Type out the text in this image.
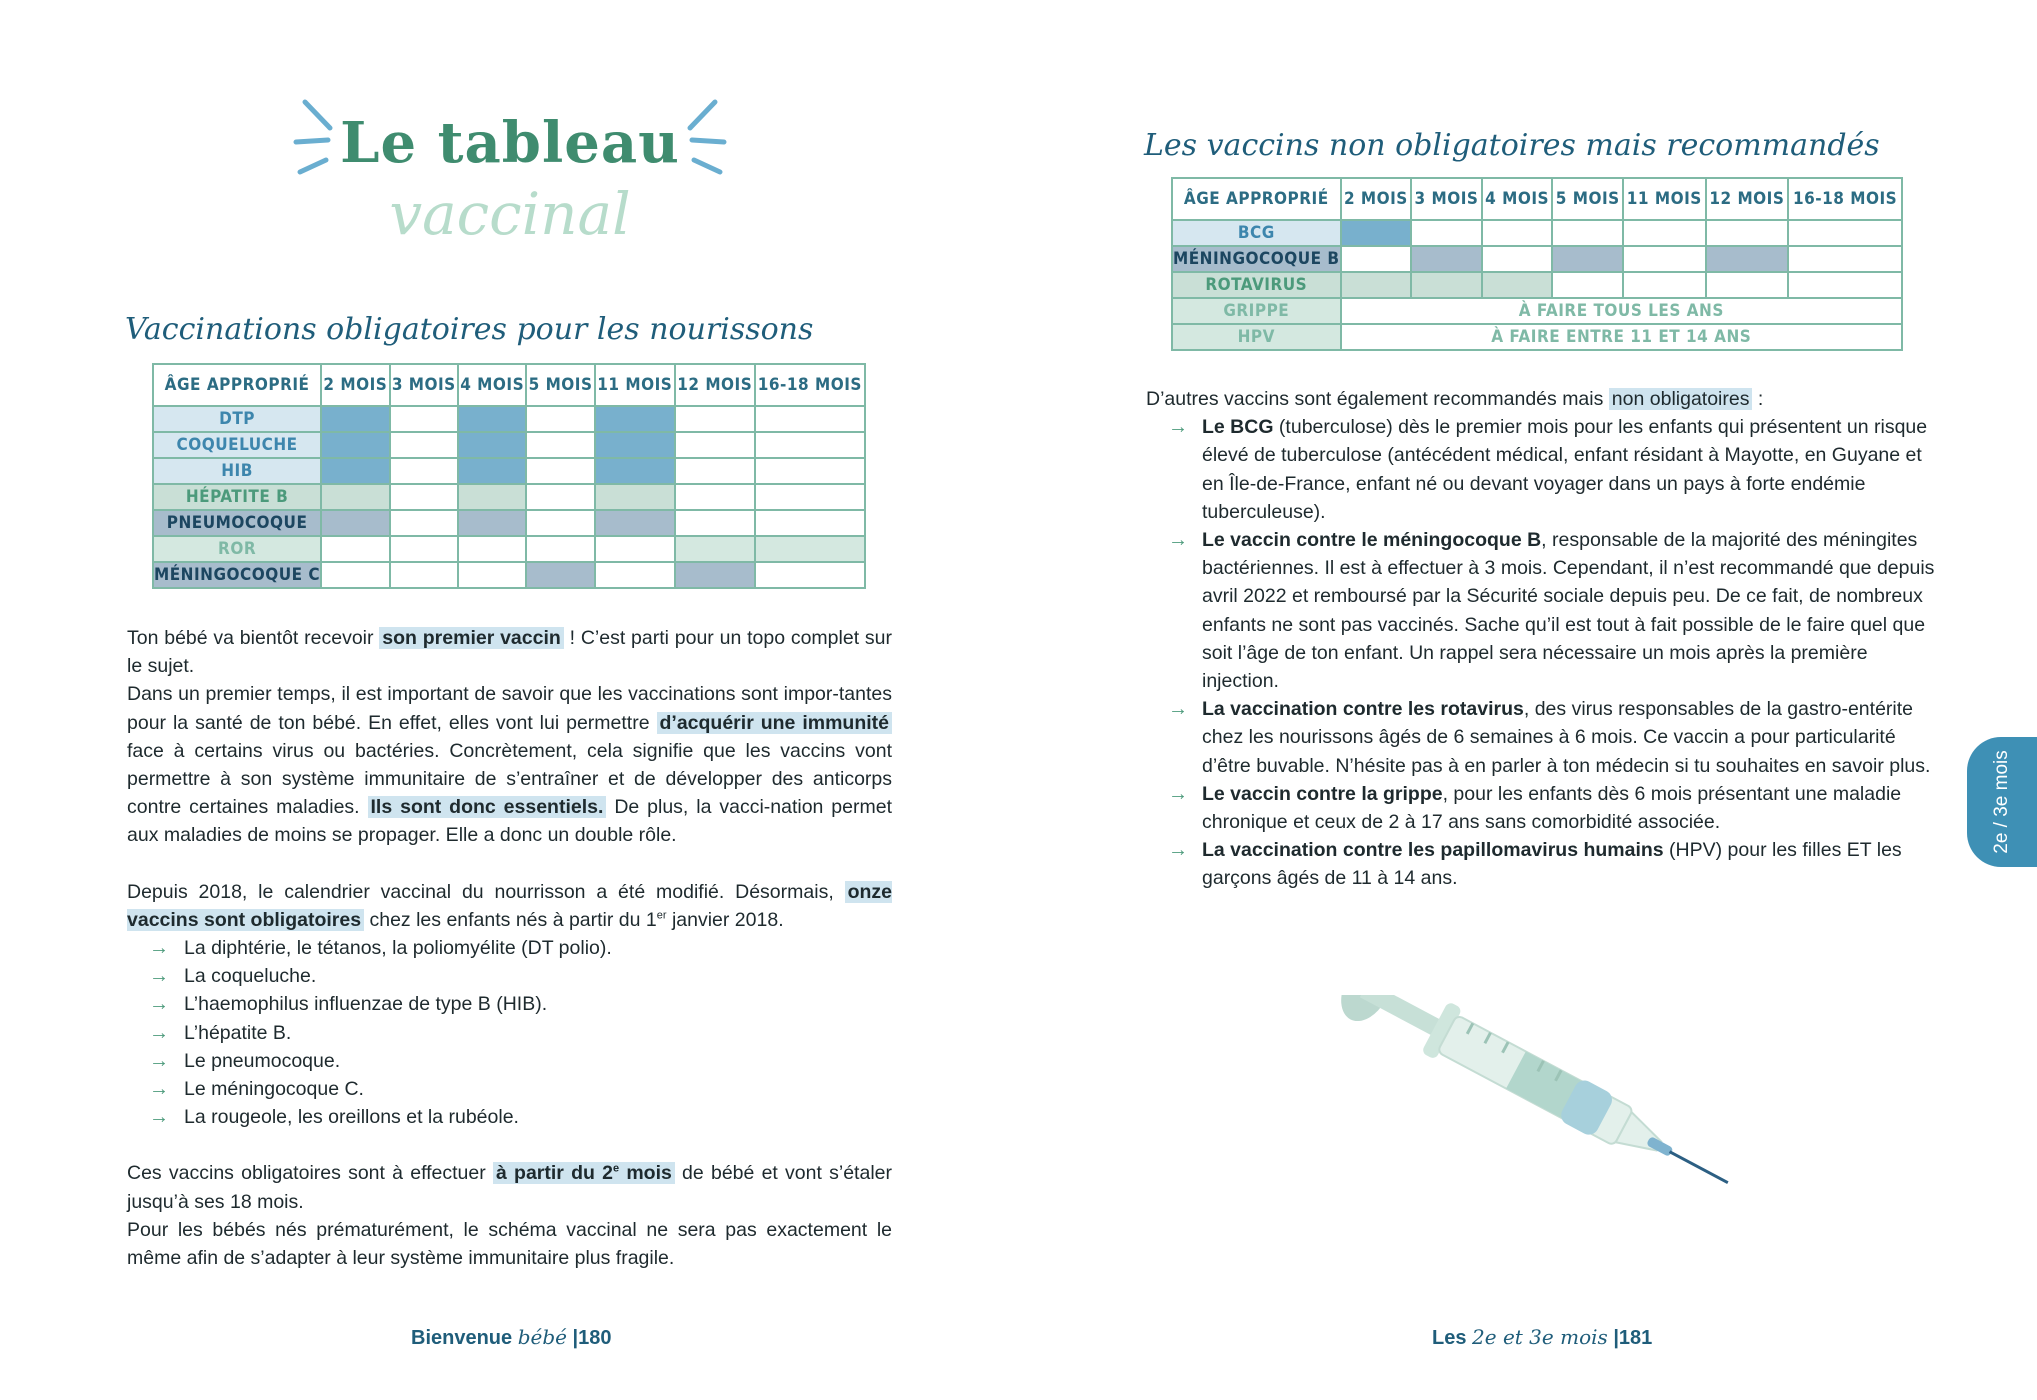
Le tableau
vaccinal
Vaccinations obligatoires pour les nourissons
ÂGE APPROPRIÉ	2 MOIS	3 MOIS	4 MOIS	5 MOIS	11 MOIS	12 MOIS	16-18 MOIS
DTP							
COQUELUCHE							
HIB							
HÉPATITE B							
PNEUMOCOQUE							
ROR							
MÉNINGOCOQUE C							

Ton bébé va bientôt recevoir son premier vaccin ! C’est parti pour un topo complet sur le sujet.

Dans un premier temps, il est important de savoir que les vaccinations sont impor-tantes pour la santé de ton bébé. En effet, elles vont lui permettre d’acquérir une immunité face à certains virus ou bactéries. Concrètement, cela signifie que les vaccins vont permettre à son système immunitaire de s’entraîner et de développer des anticorps contre certaines maladies. Ils sont donc essentiels. De plus, la vacci-nation permet aux maladies de moins se propager. Elle a donc un double rôle.

Depuis 2018, le calendrier vaccinal du nourrisson a été modifié. Désormais, onze vaccins sont obligatoires chez les enfants nés à partir du 1er janvier 2018.

→ La diphtérie, le tétanos, la poliomyélite (DT polio).
→ La coqueluche.
→ L’haemophilus influenzae de type B (HIB).
→ L’hépatite B.
→ Le pneumocoque.
→ Le méningocoque C.
→ La rougeole, les oreillons et la rubéole.

Ces vaccins obligatoires sont à effectuer à partir du 2e mois de bébé et vont s’étaler jusqu’à ses 18 mois.

Pour les bébés nés prématurément, le schéma vaccinal ne sera pas exactement le même afin de s’adapter à leur système immunitaire plus fragile.

Bienvenue bébé |180
Les vaccins non obligatoires mais recommandés
ÂGE APPROPRIÉ	2 MOIS	3 MOIS	4 MOIS	5 MOIS	11 MOIS	12 MOIS	16-18 MOIS
BCG							
MÉNINGOCOQUE B							
ROTAVIRUS							
GRIPPE	À FAIRE TOUS LES ANS						
HPV	À FAIRE ENTRE 11 ET 14 ANS						

D’autres vaccins sont également recommandés mais non obligatoires :

→ Le BCG (tuberculose) dès le premier mois pour les enfants qui présentent un risque élevé de tuberculose (antécédent médical, enfant résidant à Mayotte, en Guyane et en Île-de-France, enfant né ou devant voyager dans un pays à forte endémie tuberculeuse).
→ Le vaccin contre le méningocoque B, responsable de la majorité des méningites bactériennes. Il est à effectuer à 3 mois. Cependant, il n’est recommandé que depuis avril 2022 et remboursé par la Sécurité sociale depuis peu. De ce fait, de nombreux enfants ne sont pas vaccinés. Sache qu’il est tout à fait possible de le faire quel que soit l’âge de ton enfant. Un rappel sera nécessaire un mois après la première injection.
→ La vaccination contre les rotavirus, des virus responsables de la gastro-entérite chez les nourissons âgés de 6 semaines à 6 mois. Ce vaccin a pour particularité d’être buvable. N’hésite pas à en parler à ton médecin si tu souhaites en savoir plus.
→ Le vaccin contre la grippe, pour les enfants dès 6 mois présentant une maladie chronique et ceux de 2 à 17 ans sans comorbidité associée.
→ La vaccination contre les papillomavirus humains (HPV) pour les filles ET les garçons âgés de 11 à 14 ans.
Les 2e et 3e mois |181
2e / 3e mois
